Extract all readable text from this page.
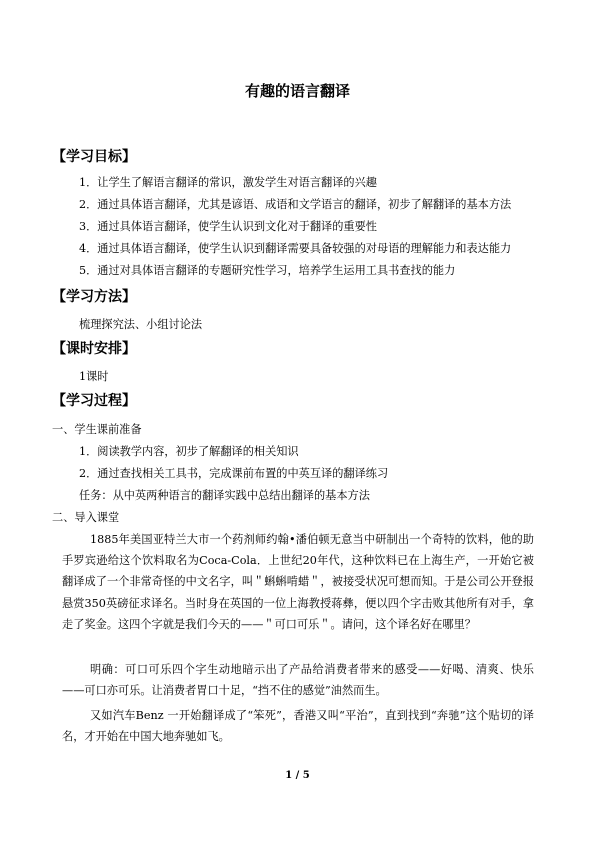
有趣的语言翻译
【学习目标】
1．让学生了解语言翻译的常识，激发学生对语言翻译的兴趣
2．通过具体语言翻译，尤其是谚语、成语和文学语言的翻译，初步了解翻译的基本方法
3．通过具体语言翻译，使学生认识到文化对于翻译的重要性
4．通过具体语言翻译，使学生认识到翻译需要具备较强的对母语的理解能力和表达能力
5．通过对具体语言翻译的专题研究性学习，培养学生运用工具书查找的能力
【学习方法】
梳理探究法、小组讨论法
【课时安排】
1课时
【学习过程】
一、学生课前准备
1．阅读教学内容，初步了解翻译的相关知识
2．通过查找相关工具书，完成课前布置的中英互译的翻译练习
任务：从中英两种语言的翻译实践中总结出翻译的基本方法
二、导入课堂
1885年美国亚特兰大市一个药剂师约翰•潘伯顿无意当中研制出一个奇特的饮料，他的助手罗宾逊给这个饮料取名为Coca-Cola．上世纪20年代，这种饮料已在上海生产，一开始它被翻译成了一个非常奇怪的中文名字，叫＂蝌蝌啃蜡＂，被接受状况可想而知。于是公司公开登报悬赏350英磅征求译名。当时身在英国的一位上海教授蒋彝，便以四个字击败其他所有对手，拿走了奖金。这四个字就是我们今天的——＂可口可乐＂。请问，这个译名好在哪里？
明确：可口可乐四个字生动地暗示出了产品给消费者带来的感受——好喝、清爽、快乐——可口亦可乐。让消费者胃口十足，“挡不住的感觉”油然而生。
又如汽车Benz 一开始翻译成了“笨死”，香港又叫“平治”，直到找到“奔驰”这个贴切的译名，才开始在中国大地奔驰如飞。
1 / 5
